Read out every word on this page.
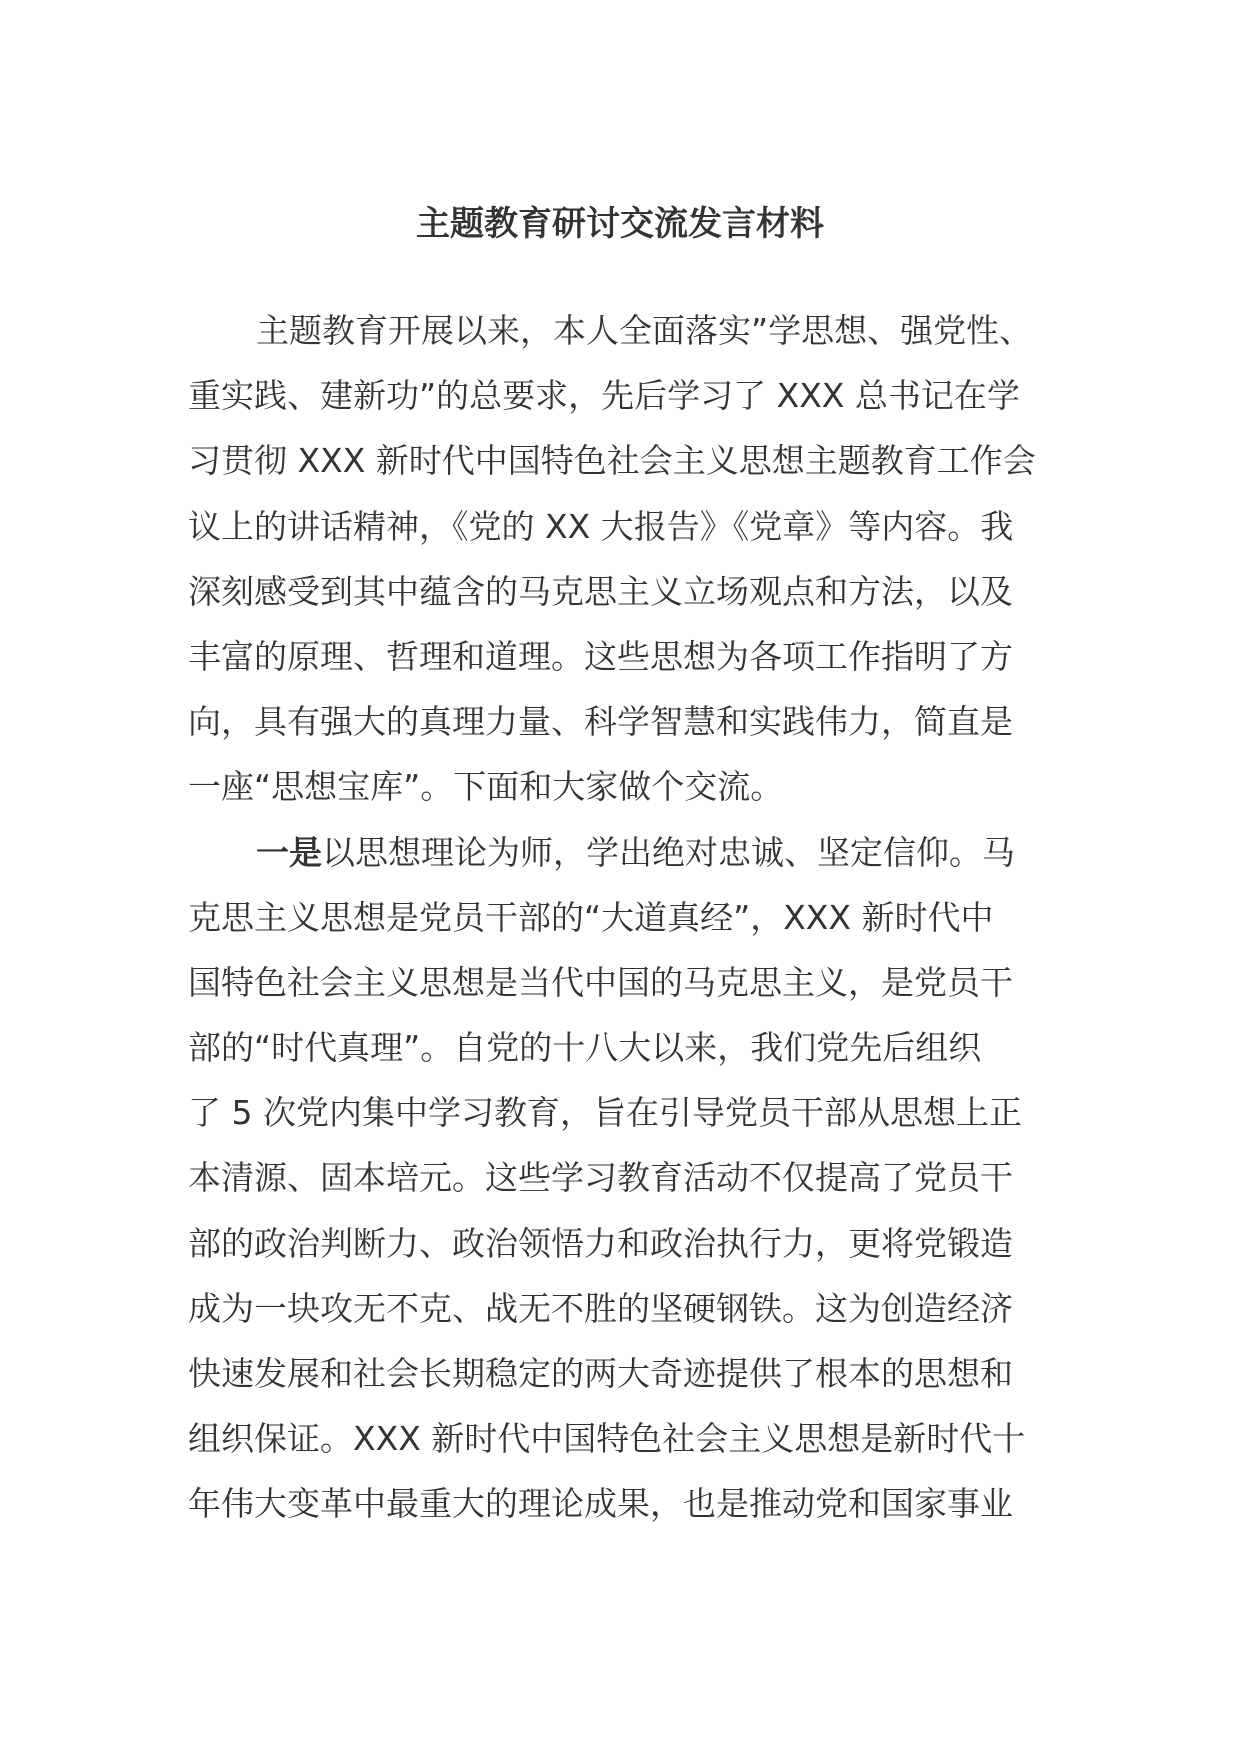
主题教育研讨交流发言材料
主题教育开展以来，本人全面落实”学思想、强党性、
重实践、建新功”的总要求，先后学习了 XXX 总书记在学
习贯彻 XXX 新时代中国特色社会主义思想主题教育工作会
议上的讲话精神，《党的 XX 大报告》《党章》等内容。我
深刻感受到其中蕴含的马克思主义立场观点和方法，以及
丰富的原理、哲理和道理。这些思想为各项工作指明了方
向，具有强大的真理力量、科学智慧和实践伟力，简直是
一座“思想宝库”。下面和大家做个交流。
一是以思想理论为师，学出绝对忠诚、坚定信仰。马
克思主义思想是党员干部的“大道真经”，XXX 新时代中
国特色社会主义思想是当代中国的马克思主义，是党员干
部的“时代真理”。自党的十八大以来，我们党先后组织
了 5 次党内集中学习教育，旨在引导党员干部从思想上正
本清源、固本培元。这些学习教育活动不仅提高了党员干
部的政治判断力、政治领悟力和政治执行力，更将党锻造
成为一块攻无不克、战无不胜的坚硬钢铁。这为创造经济
快速发展和社会长期稳定的两大奇迹提供了根本的思想和
组织保证。XXX 新时代中国特色社会主义思想是新时代十
年伟大变革中最重大的理论成果，也是推动党和国家事业
